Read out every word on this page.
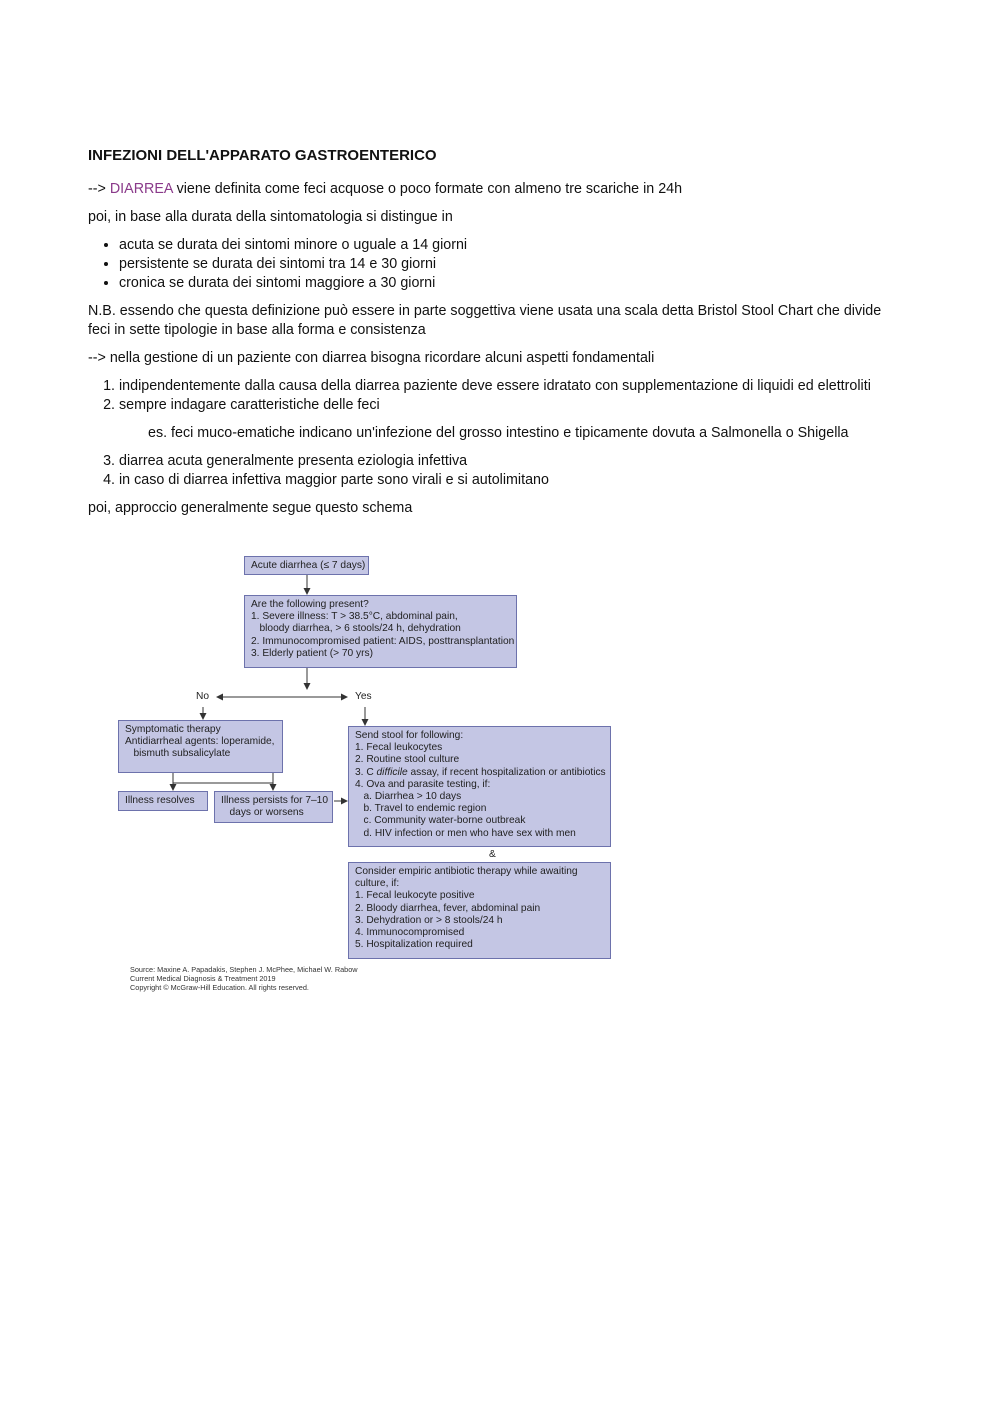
INFEZIONI DELL'APPARATO GASTROENTERICO

--> DIARREA viene definita come feci acquose o poco formate con almeno tre scariche in 24h

poi, in base alla durata della sintomatologia si distingue in

• acuta se durata dei sintomi minore o uguale a 14 giorni
• persistente se durata dei sintomi tra 14 e 30 giorni
• cronica se durata dei sintomi maggiore a 30 giorni

N.B. essendo che questa definizione può essere in parte soggettiva viene usata una scala detta Bristol Stool Chart che divide feci in sette tipologie in base alla forma e consistenza

--> nella gestione di un paziente con diarrea bisogna ricordare alcuni aspetti fondamentali

1. indipendentemente dalla causa della diarrea paziente deve essere idratato con supplementazione di liquidi ed elettroliti
2. sempre indagare caratteristiche delle feci

es. feci muco-ematiche indicano un'infezione del grosso intestino e tipicamente dovuta a Salmonella o Shigella

3. diarrea acuta generalmente presenta eziologia infettiva
4. in caso di diarrea infettiva maggior parte sono virali e si autolimitano

poi, approccio generalmente segue questo schema

Acute diarrhea (≤ 7 days)
Are the following present?
1. Severe illness: T > 38.5°C, abdominal pain,
bloody diarrhea, > 6 stools/24 h, dehydration
2. Immunocompromised patient: AIDS, posttransplantation
3. Elderly patient (> 70 yrs)
No	Yes
Symptomatic therapy
Antidiarrheal agents: loperamide,
bismuth subsalicylate
Illness resolves	Illness persists for 7–10
days or worsens
Send stool for following:
1. Fecal leukocytes
2. Routine stool culture
3. C difficile assay, if recent hospitalization or antibiotics
4. Ova and parasite testing, if:
a. Diarrhea > 10 days
b. Travel to endemic region
c. Community water-borne outbreak
d. HIV infection or men who have sex with men
&
Consider empiric antibiotic therapy while awaiting
culture, if:
1. Fecal leukocyte positive
2. Bloody diarrhea, fever, abdominal pain
3. Dehydration or > 8 stools/24 h
4. Immunocompromised
5. Hospitalization required
Source: Maxine A. Papadakis, Stephen J. McPhee, Michael W. Rabow
Current Medical Diagnosis & Treatment 2019
Copyright © McGraw-Hill Education. All rights reserved.
